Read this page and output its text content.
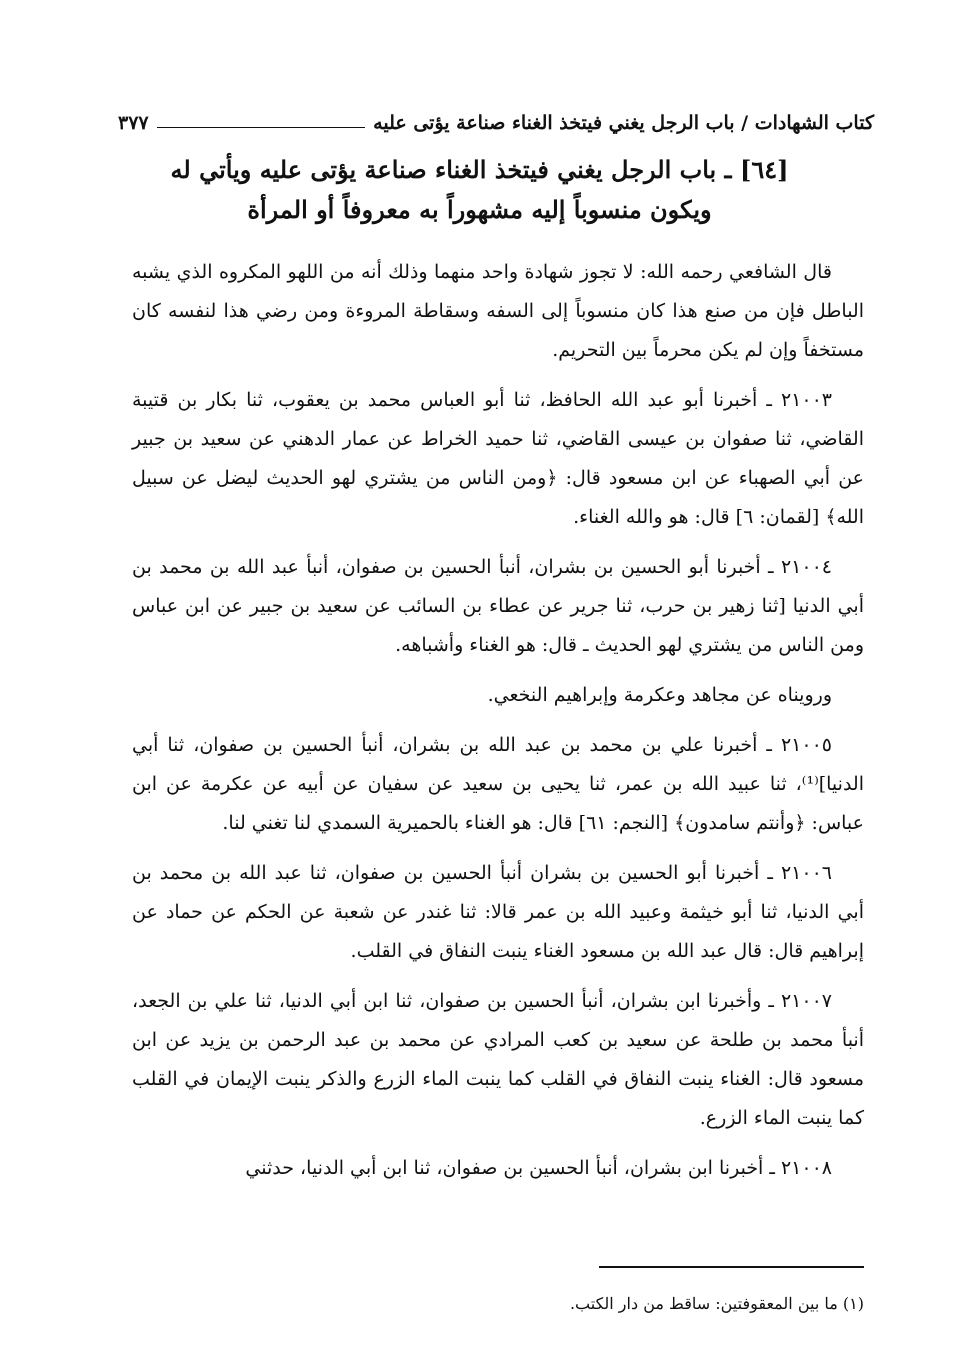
كتاب الشهادات / باب الرجل يغني فيتخذ الغناء صناعة يؤتى عليه
٣٧٧
[٦٤] ـ باب الرجل يغني فيتخذ الغناء صناعة يؤتى عليه ويأتي له
ويكون منسوباً إليه مشهوراً به معروفاً أو المرأة

قال الشافعي رحمه الله: لا تجوز شهادة واحد منهما وذلك أنه من اللهو المكروه الذي يشبه الباطل فإن من صنع هذا كان منسوباً إلى السفه وسقاطة المروءة ومن رضي هذا لنفسه كان مستخفاً وإن لم يكن محرماً بين التحريم.

٢١٠٠٣ ـ أخبرنا أبو عبد الله الحافظ، ثنا أبو العباس محمد بن يعقوب، ثنا بكار بن قتيبة القاضي، ثنا صفوان بن عيسى القاضي، ثنا حميد الخراط عن عمار الدهني عن سعيد بن جبير عن أبي الصهباء عن ابن مسعود قال: ﴿ومن الناس من يشتري لهو الحديث ليضل عن سبيل الله﴾ [لقمان: ٦] قال: هو والله الغناء.

٢١٠٠٤ ـ أخبرنا أبو الحسين بن بشران، أنبأ الحسين بن صفوان، أنبأ عبد الله بن محمد بن أبي الدنيا [ثنا زهير بن حرب، ثنا جرير عن عطاء بن السائب عن سعيد بن جبير عن ابن عباس ومن الناس من يشتري لهو الحديث ـ قال: هو الغناء وأشباهه.

ورويناه عن مجاهد وعكرمة وإبراهيم النخعي.

٢١٠٠٥ ـ أخبرنا علي بن محمد بن عبد الله بن بشران، أنبأ الحسين بن صفوان، ثنا أبي الدنيا]⁽¹⁾، ثنا عبيد الله بن عمر، ثنا يحيى بن سعيد عن سفيان عن أبيه عن عكرمة عن ابن عباس: ﴿وأنتم سامدون﴾ [النجم: ٦١] قال: هو الغناء بالحميرية السمدي لنا تغني لنا.

٢١٠٠٦ ـ أخبرنا أبو الحسين بن بشران أنبأ الحسين بن صفوان، ثنا عبد الله بن محمد بن أبي الدنيا، ثنا أبو خيثمة وعبيد الله بن عمر قالا: ثنا غندر عن شعبة عن الحكم عن حماد عن إبراهيم قال: قال عبد الله بن مسعود الغناء ينبت النفاق في القلب.

٢١٠٠٧ ـ وأخبرنا ابن بشران، أنبأ الحسين بن صفوان، ثنا ابن أبي الدنيا، ثنا علي بن الجعد، أنبأ محمد بن طلحة عن سعيد بن كعب المرادي عن محمد بن عبد الرحمن بن يزيد عن ابن مسعود قال: الغناء ينبت النفاق في القلب كما ينبت الماء الزرع والذكر ينبت الإيمان في القلب كما ينبت الماء الزرع.

٢١٠٠٨ ـ أخبرنا ابن بشران، أنبأ الحسين بن صفوان، ثنا ابن أبي الدنيا، حدثني

(١) ما بين المعقوفتين: ساقط من دار الكتب.
